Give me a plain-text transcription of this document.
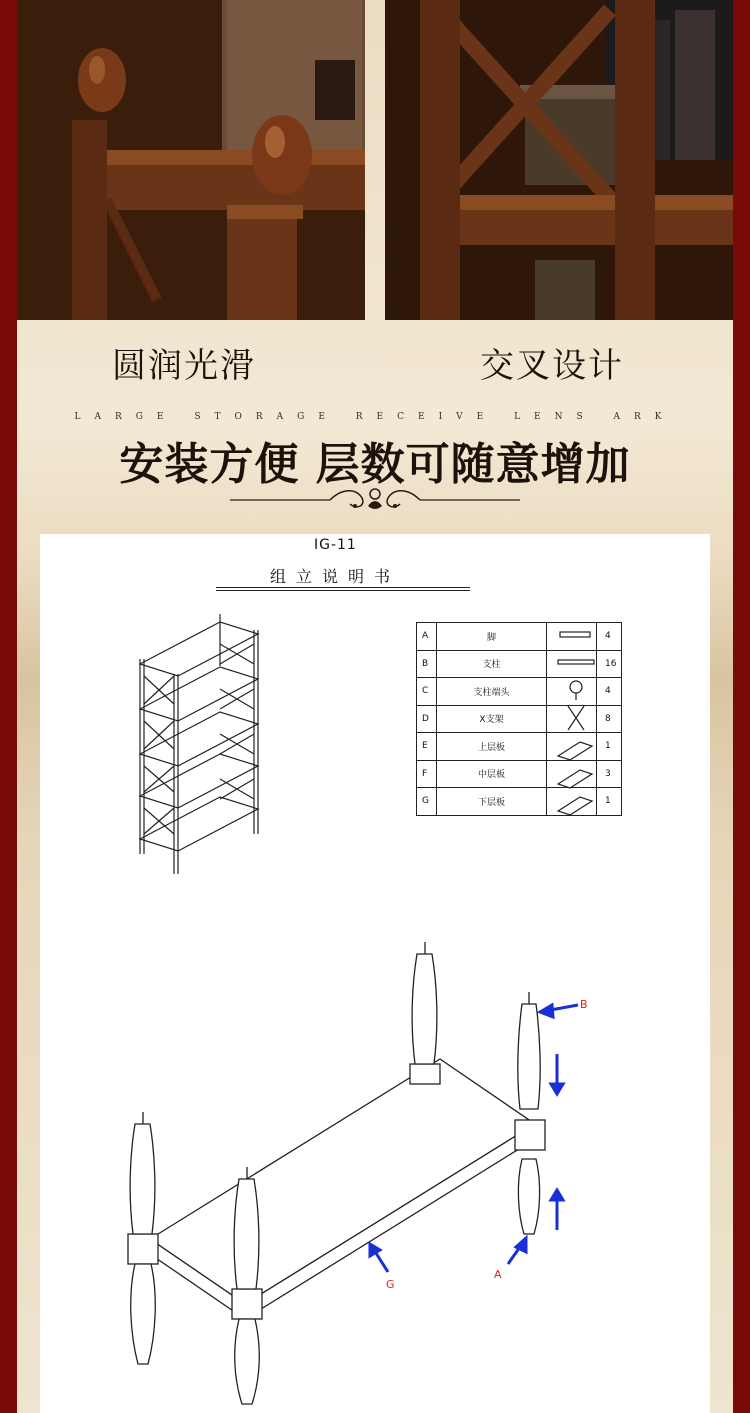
圆润光滑	交叉设计
LARGE STORAGE RECEIVE LENS ARK
安装方便 层数可随意增加
IG-11
组立说明书
A	脚		4
B	支柱		16
C	支柱端头		4
D	X支架		8
E	上层板		1
F	中层板		3
G	下层板		1
B
A
G
